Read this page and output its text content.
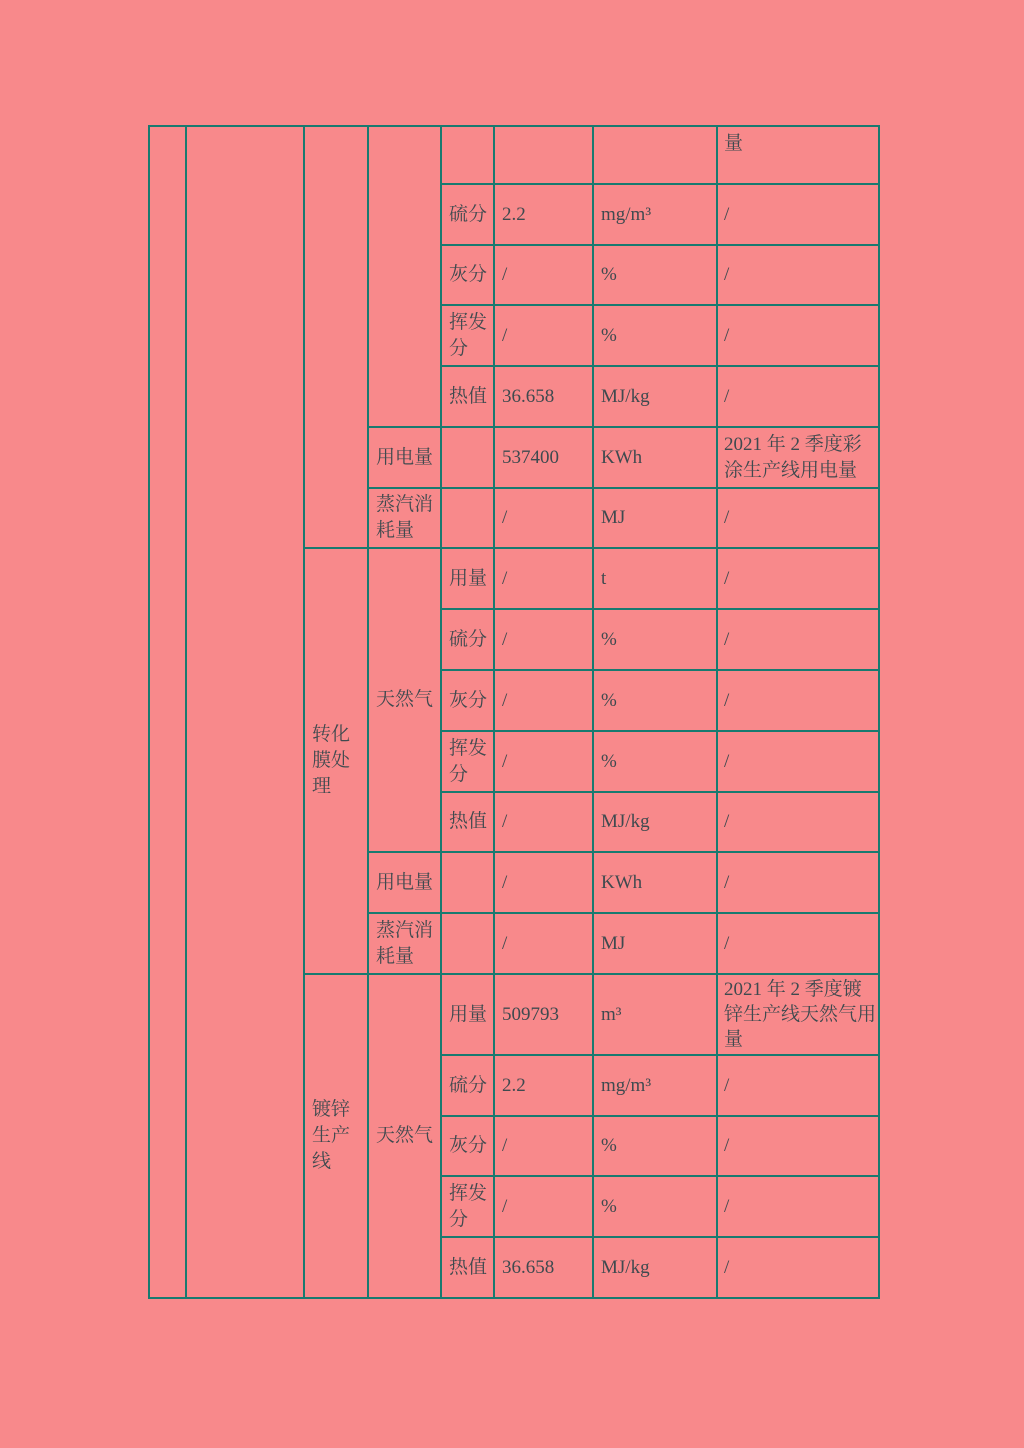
							量
				硫分	2.2	mg/m³	/
				灰分	/	%	/
				挥发分	/	%	/
				热值	36.658	MJ/kg	/
			用电量		537400	KWh	2021 年 2 季度彩涂生产线用电量
			蒸汽消耗量		/	MJ	/
		转化膜处理	天然气	用量	/	t	/
				硫分	/	%	/
				灰分	/	%	/
				挥发分	/	%	/
				热值	/	MJ/kg	/
			用电量		/	KWh	/
			蒸汽消耗量		/	MJ	/
		镀锌生产线	天然气	用量	509793	m³	2021 年 2 季度镀锌生产线天然气用量
				硫分	2.2	mg/m³	/
				灰分	/	%	/
				挥发分	/	%	/
				热值	36.658	MJ/kg	/
